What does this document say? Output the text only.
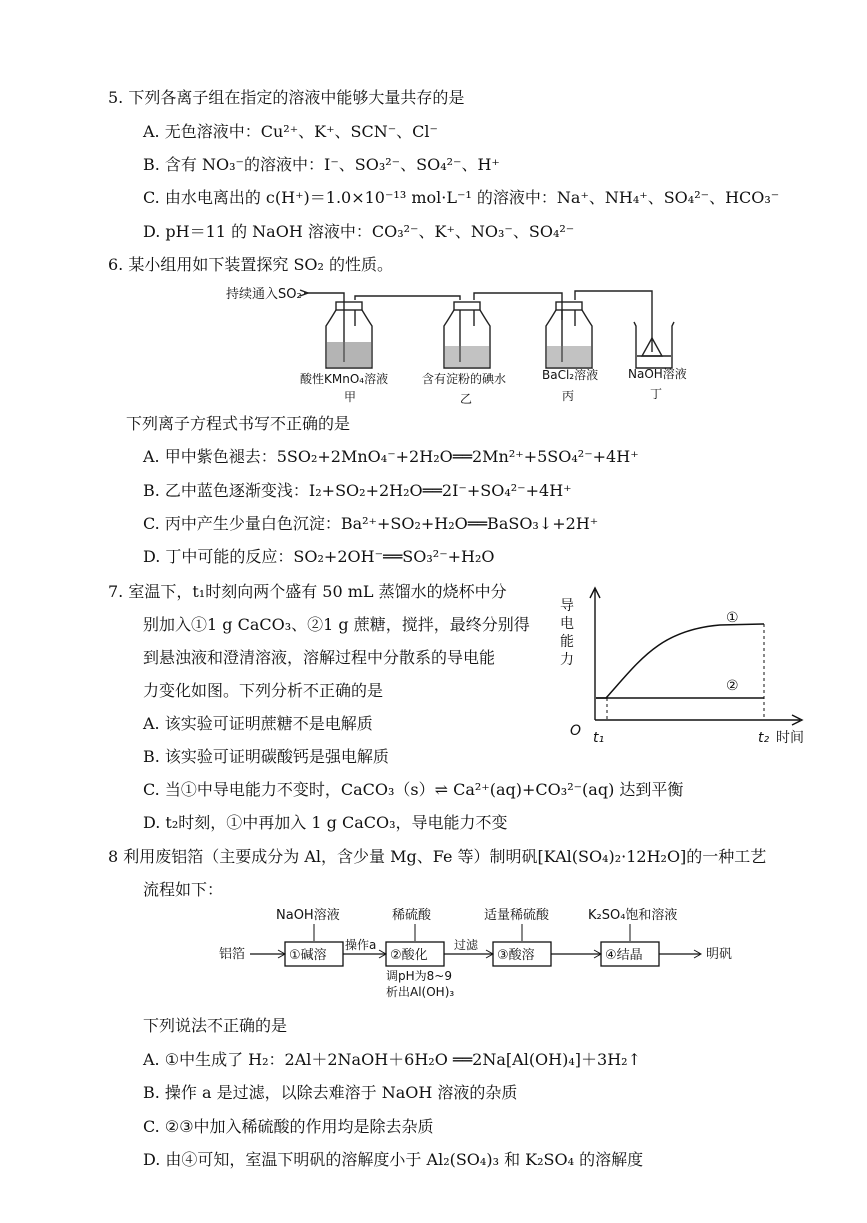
5. 下列各离子组在指定的溶液中能够大量共存的是
A. 无色溶液中：Cu²⁺、K⁺、SCN⁻、Cl⁻
B. 含有 NO₃⁻的溶液中：I⁻、SO₃²⁻、SO₄²⁻、H⁺
C. 由水电离出的 c(H⁺)＝1.0×10⁻¹³ mol·L⁻¹ 的溶液中：Na⁺、NH₄⁺、SO₄²⁻、HCO₃⁻
D. pH＝11 的 NaOH 溶液中：CO₃²⁻、K⁺、NO₃⁻、SO₄²⁻
6. 某小组用如下装置探究 SO₂ 的性质。
持续通入SO₂
酸性KMnO₄溶液
甲
含有淀粉的碘水
乙
BaCl₂溶液
丙
NaOH溶液
丁
导
电
能
力
O t₁	t₂ 时间
①
②
铝箔	①碱溶
NaOH溶液
操作a
②酸化
稀硫酸
调pH为8~9
析出Al(OH)₃
过滤
③酸溶
适量稀硫酸
④结晶
K₂SO₄饱和溶液
明矾
下列离子方程式书写不正确的是
A. 甲中紫色褪去：5SO₂+2MnO₄⁻+2H₂O══2Mn²⁺+5SO₄²⁻+4H⁺
B. 乙中蓝色逐渐变浅：I₂+SO₂+2H₂O══2I⁻+SO₄²⁻+4H⁺
C. 丙中产生少量白色沉淀：Ba²⁺+SO₂+H₂O══BaSO₃↓+2H⁺
D. 丁中可能的反应：SO₂+2OH⁻══SO₃²⁻+H₂O
7. 室温下，t₁时刻向两个盛有 50 mL 蒸馏水的烧杯中分
别加入①1 g CaCO₃、②1 g 蔗糖，搅拌，最终分别得
到悬浊液和澄清溶液，溶解过程中分散系的导电能
力变化如图。下列分析不正确的是
A. 该实验可证明蔗糖不是电解质
B. 该实验可证明碳酸钙是强电解质
C. 当①中导电能力不变时，CaCO₃（s）⇌ Ca²⁺(aq)+CO₃²⁻(aq) 达到平衡
D. t₂时刻，①中再加入 1 g CaCO₃，导电能力不变
8 利用废铝箔（主要成分为 Al，含少量 Mg、Fe 等）制明矾[KAl(SO₄)₂·12H₂O]的一种工艺
流程如下：
下列说法不正确的是
A. ①中生成了 H₂：2Al＋2NaOH＋6H₂O ══2Na[Al(OH)₄]＋3H₂↑
B. 操作 a 是过滤，以除去难溶于 NaOH 溶液的杂质
C. ②③中加入稀硫酸的作用均是除去杂质
D. 由④可知，室温下明矾的溶解度小于 Al₂(SO₄)₃ 和 K₂SO₄ 的溶解度
